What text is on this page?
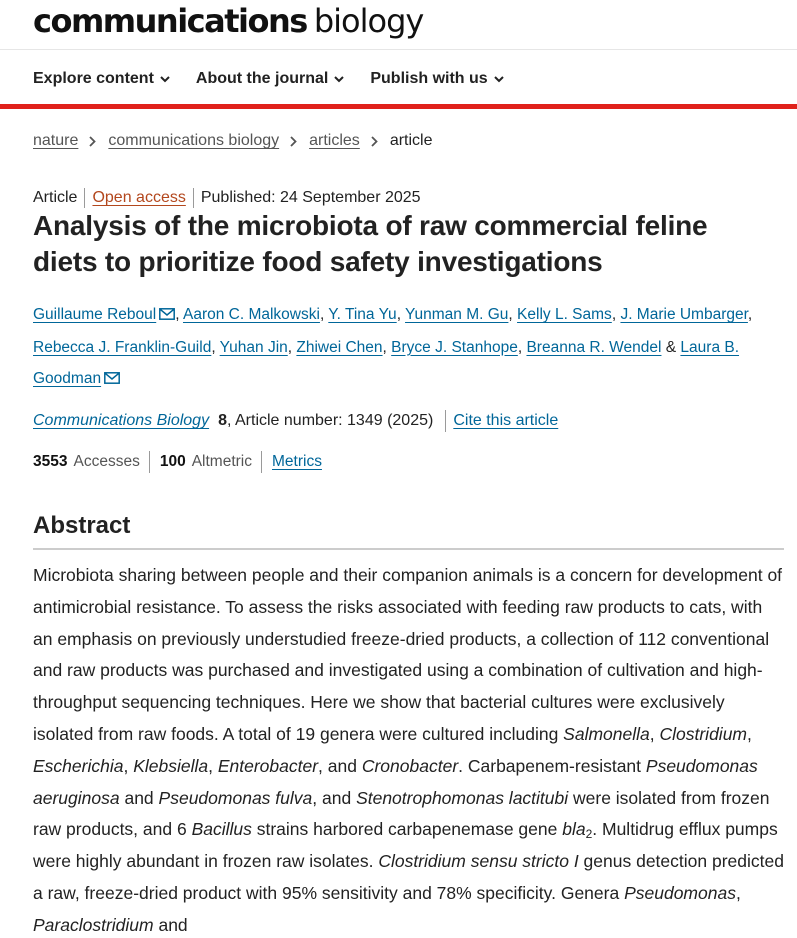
communications biology
Explore content	About the journal	Publish with us
nature communications biology articles article
Article Open access Published: 24 September 2025
Analysis of the microbiota of raw commercial feline diets to prioritize food safety investigations
Guillaume Reboul , Aaron C. Malkowski, Y. Tina Yu, Yunman M. Gu, Kelly L. Sams, J. Marie Umbarger, Rebecca J. Franklin-Guild, Yuhan Jin, Zhiwei Chen, Bryce J. Stanhope, Breanna R. Wendel & Laura B. Goodman
Communications Biology 8 , Article number: 1349 (2025) Cite this article
3553 Accesses 100 Altmetric Metrics
Abstract

Microbiota sharing between people and their companion animals is a concern for development of antimicrobial resistance. To assess the risks associated with feeding raw products to cats, with an emphasis on previously understudied freeze-dried products, a collection of 112 conventional and raw products was purchased and investigated using a combination of cultivation and high-throughput sequencing techniques. Here we show that bacterial cultures were exclusively isolated from raw foods. A total of 19 genera were cultured including Salmonella, Clostridium, Escherichia, Klebsiella, Enterobacter, and Cronobacter. Carbapenem-resistant Pseudomonas aeruginosa and Pseudomonas fulva, and Stenotrophomonas lactitubi were isolated from frozen raw products, and 6 Bacillus strains harbored carbapenemase gene bla$_2$. Multidrug efflux pumps were highly abundant in frozen raw isolates. Clostridium sensu stricto I genus detection predicted a raw, freeze-dried product with 95% sensitivity and 78% specificity. Genera Pseudomonas, Paraclostridium and
